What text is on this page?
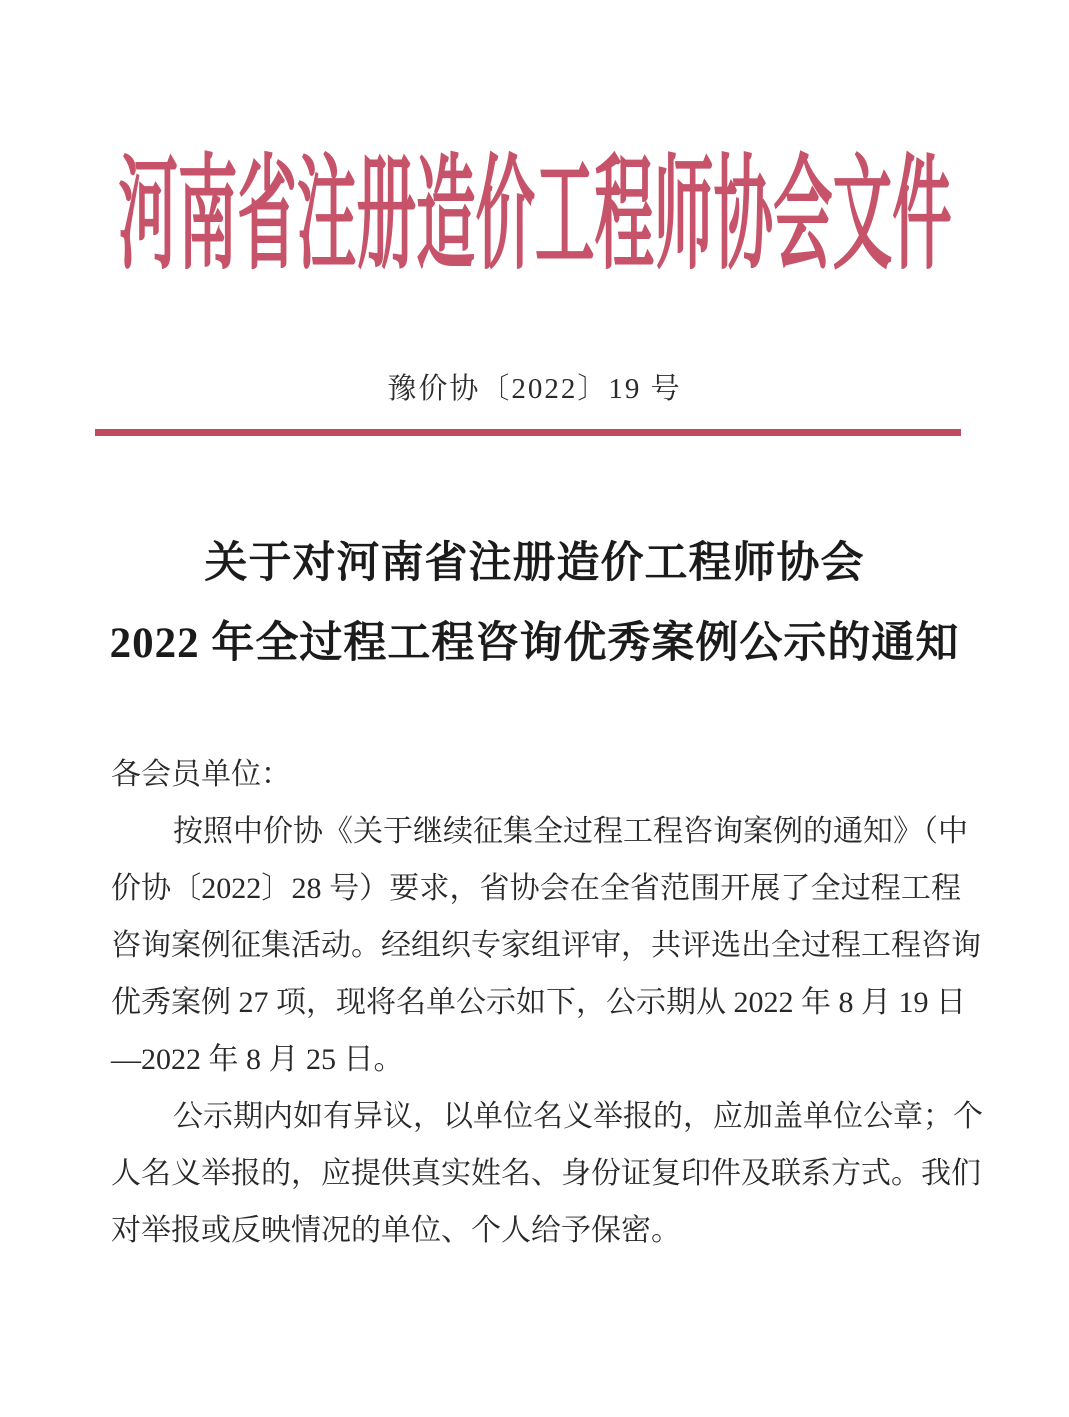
河南省注册造价工程师协会文件
豫价协〔2022〕19 号
关于对河南省注册造价工程师协会
2022 年全过程工程咨询优秀案例公示的通知
各会员单位：
按照中价协《关于继续征集全过程工程咨询案例的通知》（中
价协〔2022〕28 号）要求，省协会在全省范围开展了全过程工程
咨询案例征集活动。经组织专家组评审，共评选出全过程工程咨询
优秀案例 27 项，现将名单公示如下，公示期从 2022 年 8 月 19 日
—2022 年 8 月 25 日。
公示期内如有异议，以单位名义举报的，应加盖单位公章；个
人名义举报的，应提供真实姓名、身份证复印件及联系方式。我们
对举报或反映情况的单位、个人给予保密。
